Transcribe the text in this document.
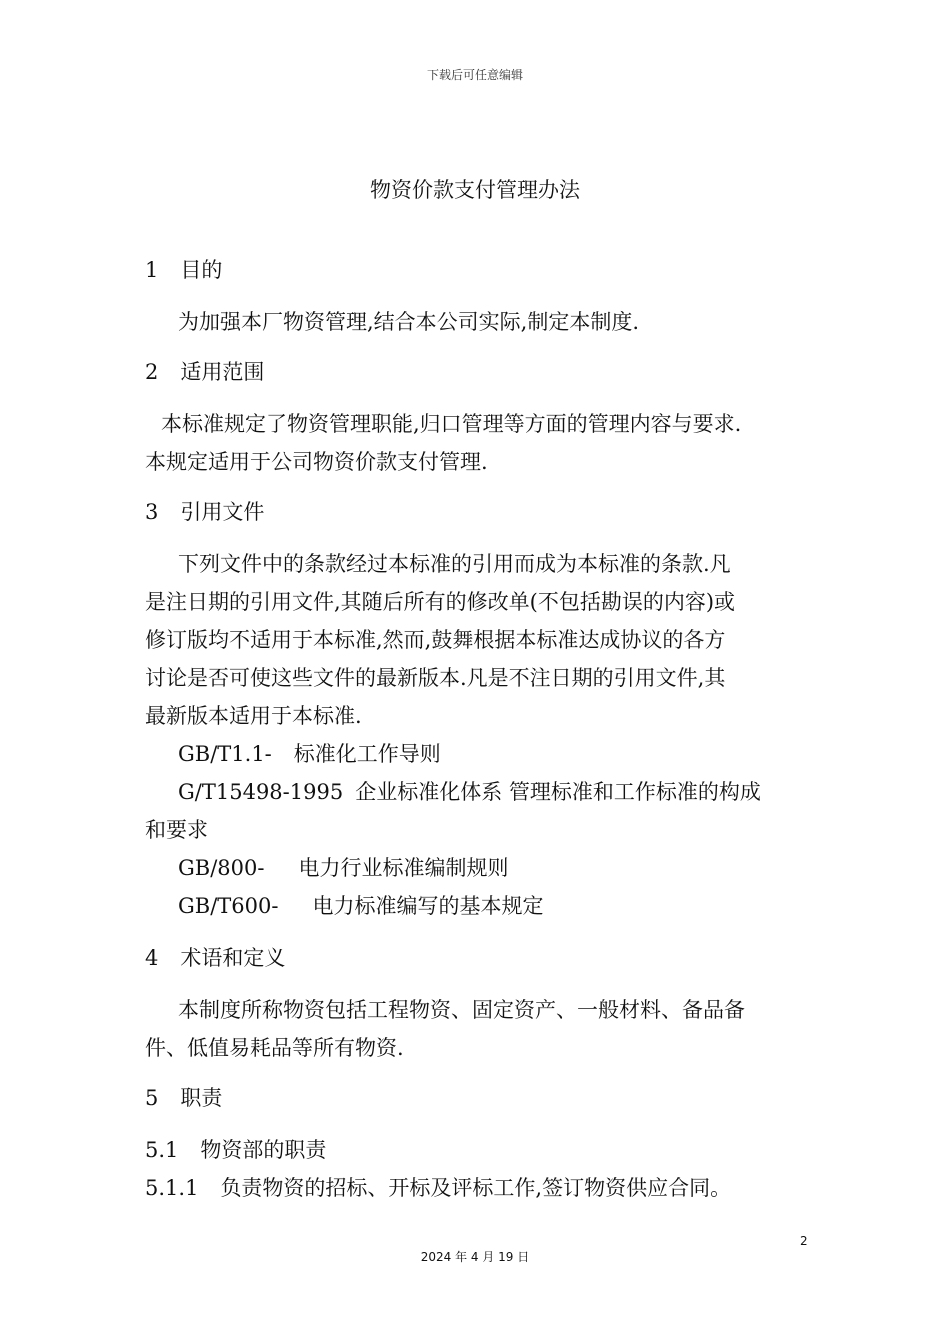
下载后可任意编辑
物资价款支付管理办法
1 目的
为加强本厂物资管理,结合本公司实际,制定本制度.
2 适用范围
本标准规定了物资管理职能,归口管理等方面的管理内容与要求.
本规定适用于公司物资价款支付管理.
3 引用文件
下列文件中的条款经过本标准的引用而成为本标准的条款.凡
是注日期的引用文件,其随后所有的修改单(不包括勘误的内容)或
修订版均不适用于本标准,然而,鼓舞根据本标准达成协议的各方
讨论是否可使这些文件的最新版本.凡是不注日期的引用文件,其
最新版本适用于本标准.
GB/T1.1- 标准化工作导则
G/T15498-1995 企业标准化体系 管理标准和工作标准的构成
和要求
GB/800- 电力行业标准编制规则
GB/T600- 电力标准编写的基本规定
4 术语和定义
本制度所称物资包括工程物资、固定资产、一般材料、备品备
件、低值易耗品等所有物资.
5 职责
5.1 物资部的职责
5.1.1 负责物资的招标、开标及评标工作,签订物资供应合同。
2
2024 年 4 月 19 日
